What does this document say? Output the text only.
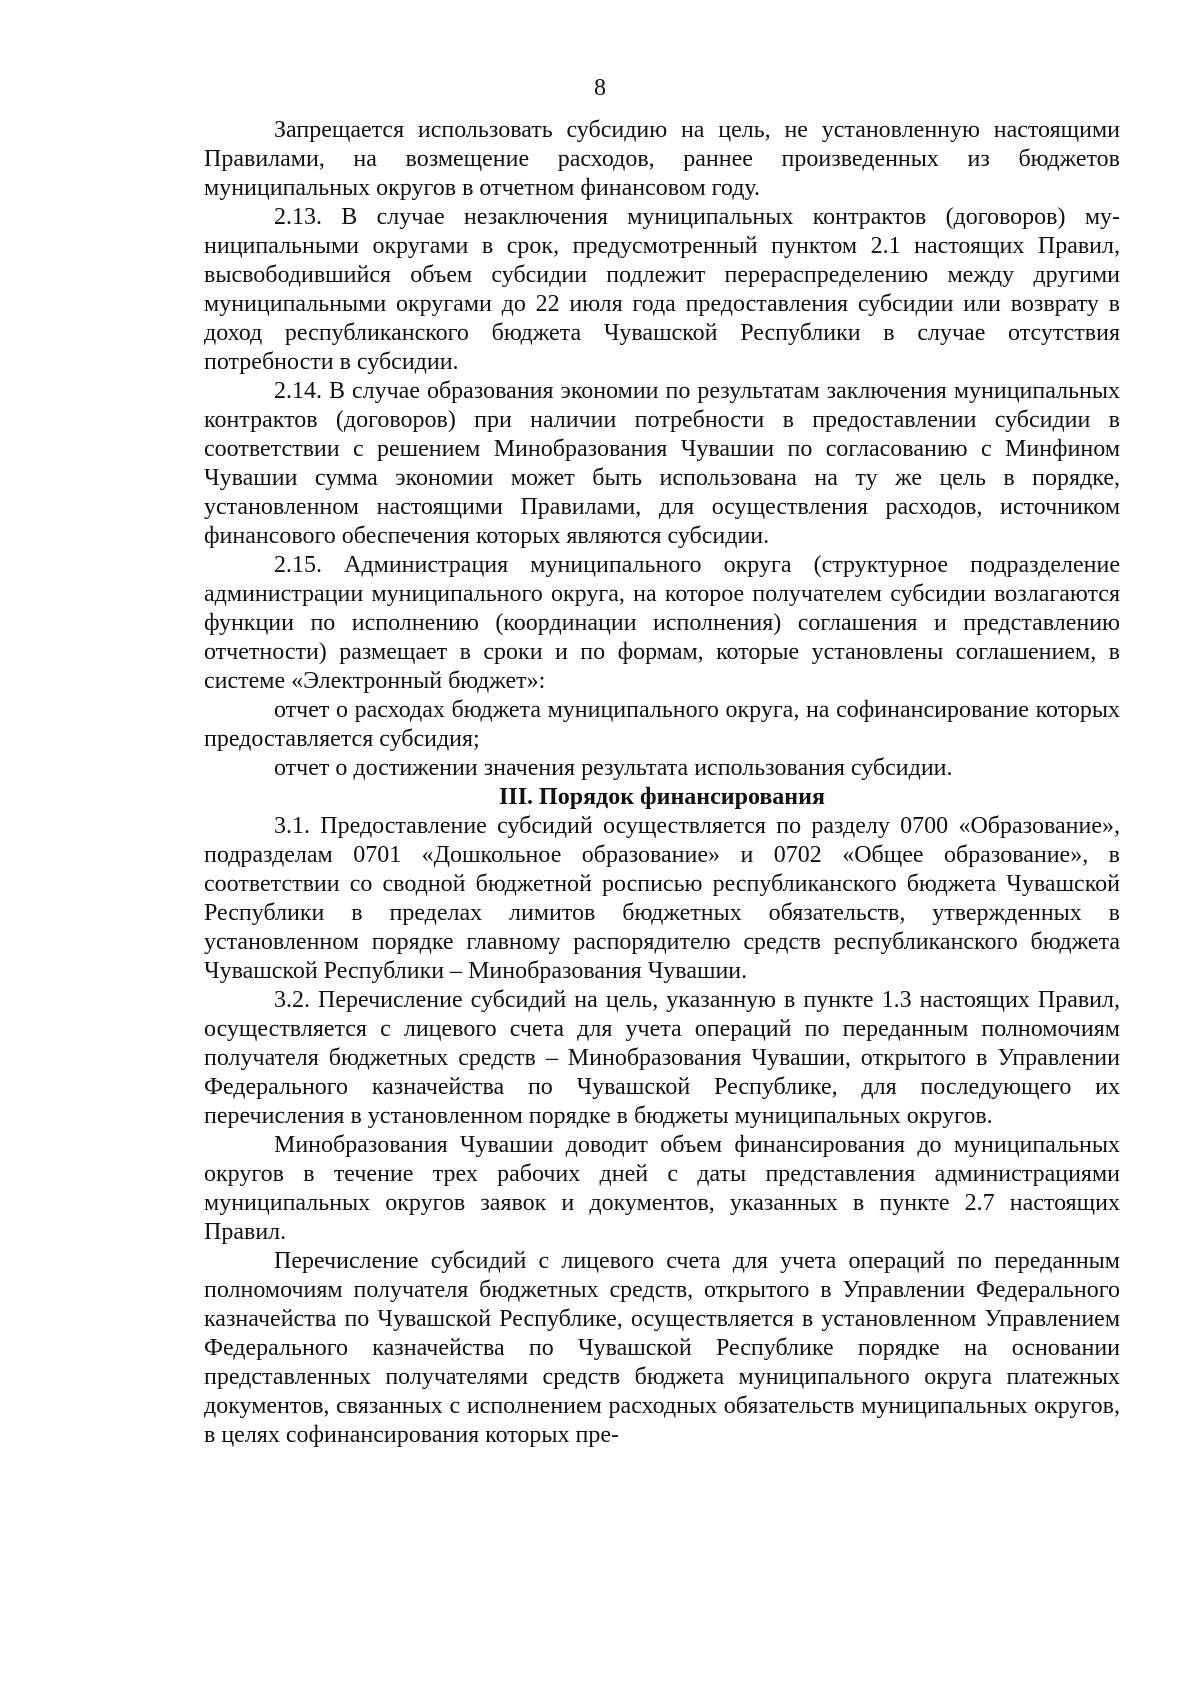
8

Запрещается использовать субсидию на цель, не установленную настоящими Правилами, на возмещение расходов, раннее произведенных из бюджетов муниципальных округов в отчетном финансовом году.

2.13. В случае незаключения муниципальных контрактов (договоров) муниципальными округами в срок, предусмотренный пунктом 2.1 настоящих Правил, высвободившийся объем субсидии подлежит перераспределению между другими муниципальными округами до 22 июля года предоставления субсидии или возврату в доход республиканского бюджета Чувашской Республики в случае отсутствия потребности в субсидии.

2.14. В случае образования экономии по результатам заключения муниципальных контрактов (договоров) при наличии потребности в предоставлении субсидии в соответствии с решением Минобразования Чувашии по согласованию с Минфином Чувашии сумма экономии может быть использована на ту же цель в порядке, установленном настоящими Правилами, для осуществления расходов, источником финансового обеспечения которых являются субсидии.

2.15. Администрация муниципального округа (структурное подразделение администрации муниципального округа, на которое получателем субсидии возлагаются функции по исполнению (координации исполнения) соглашения и представлению отчетности) размещает в сроки и по формам, которые установлены соглашением, в системе «Электронный бюджет»:

отчет о расходах бюджета муниципального округа, на софинансирование которых предоставляется субсидия;

отчет о достижении значения результата использования субсидии.

III. Порядок финансирования

3.1. Предоставление субсидий осуществляется по разделу 0700 «Образование», подразделам 0701 «Дошкольное образование» и 0702 «Общее образование», в соответствии со сводной бюджетной росписью республиканского бюджета Чувашской Республики в пределах лимитов бюджетных обязательств, утвержденных в установленном порядке главному распорядителю средств республиканского бюджета Чувашской Республики – Минобразования Чувашии.

3.2. Перечисление субсидий на цель, указанную в пункте 1.3 настоящих Правил, осуществляется с лицевого счета для учета операций по переданным полномочиям получателя бюджетных средств – Минобразования Чувашии, открытого в Управлении Федерального казначейства по Чувашской Республике, для последующего их перечисления в установленном порядке в бюджеты муниципальных округов.

Минобразования Чувашии доводит объем финансирования до муниципальных округов в течение трех рабочих дней с даты представления администрациями муниципальных округов заявок и документов, указанных в пункте 2.7 настоящих Правил.

Перечисление субсидий с лицевого счета для учета операций по переданным полномочиям получателя бюджетных средств, открытого в Управлении Федерального казначейства по Чувашской Республике, осуществляется в установленном Управлением Федерального казначейства по Чувашской Республике порядке на основании представленных получателями средств бюджета муниципального округа платежных документов, связанных с исполнением расходных обязательств муниципальных округов, в целях софинансирования которых пре-
